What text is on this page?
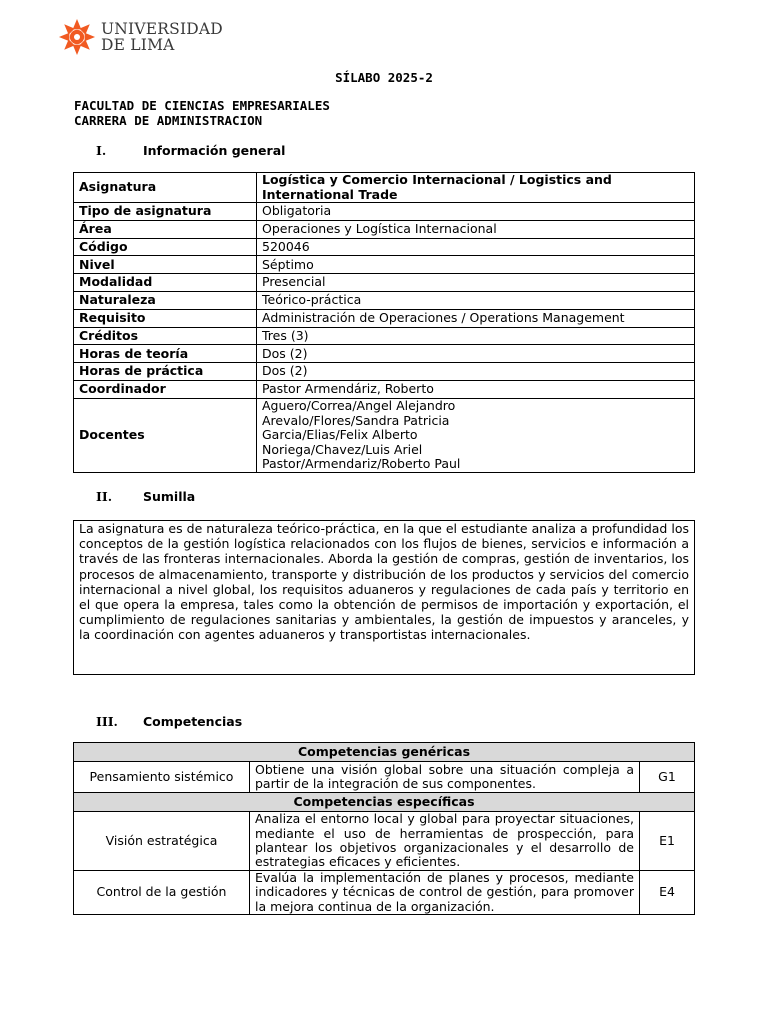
UNIVERSIDAD
DE LIMA
SÍLABO 2025-2
FACULTAD DE CIENCIAS EMPRESARIALES
CARRERA DE ADMINISTRACION
I.	Información general
Asignatura	Logística y Comercio Internacional / Logistics and International Trade
Tipo de asignatura	Obligatoria
Área	Operaciones y Logística Internacional
Código	520046
Nivel	Séptimo
Modalidad	Presencial
Naturaleza	Teórico-práctica
Requisito	Administración de Operaciones / Operations Management
Créditos	Tres (3)
Horas de teoría	Dos (2)
Horas de práctica	Dos (2)
Coordinador	Pastor Armendáriz, Roberto
Docentes	Aguero/Correa/Angel Alejandro
Arevalo/Flores/Sandra Patricia
Garcia/Elias/Felix Alberto
Noriega/Chavez/Luis Ariel
Pastor/Armendariz/Roberto Paul
II. Sumilla
La asignatura es de naturaleza teórico-práctica, en la que el estudiante analiza a profundidad los conceptos de la gestión logística relacionados con los flujos de bienes, servicios e información a través de las fronteras internacionales. Aborda la gestión de compras, gestión de inventarios, los procesos de almacenamiento, transporte y distribución de los productos y servicios del comercio internacional a nivel global, los requisitos aduaneros y regulaciones de cada país y territorio en el que opera la empresa, tales como la obtención de permisos de importación y exportación, el cumplimiento de regulaciones sanitarias y ambientales, la gestión de impuestos y aranceles, y la coordinación con agentes aduaneros y transportistas internacionales.
III. Competencias
Competencias genéricas		
Pensamiento sistémico	Obtiene una visión global sobre una situación compleja a partir de la integración de sus componentes.	G1
Competencias específicas		
Visión estratégica	Analiza el entorno local y global para proyectar situaciones, mediante el uso de herramientas de prospección, para plantear los objetivos organizacionales y el desarrollo de estrategias eficaces y eficientes.	E1
Control de la gestión	Evalúa la implementación de planes y procesos, mediante indicadores y técnicas de control de gestión, para promover la mejora continua de la organización.	E4
